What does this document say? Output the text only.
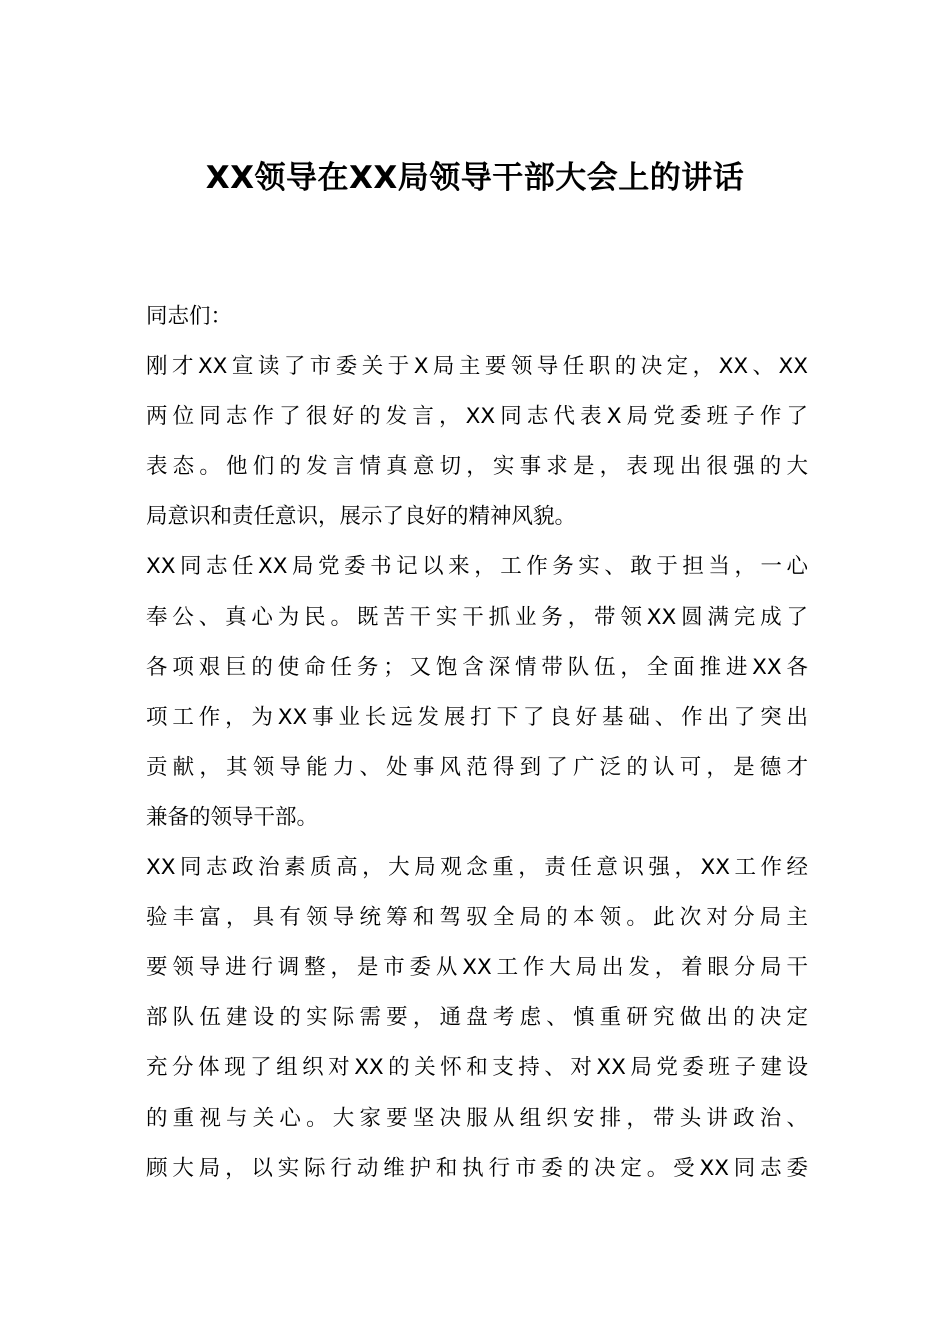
XX领导在XX局领导干部大会上的讲话
同志们：
刚才XX宣读了市委关于X局主要领导任职的决定，XX、XX
两位同志作了很好的发言，XX同志代表X局党委班子作了
表态。他们的发言情真意切，实事求是，表现出很强的大
局意识和责任意识，展示了良好的精神风貌。
XX同志任XX局党委书记以来，工作务实、敢于担当，一心
奉公、真心为民。既苦干实干抓业务，带领XX圆满完成了
各项艰巨的使命任务；又饱含深情带队伍，全面推进XX各
项工作，为XX事业长远发展打下了良好基础、作出了突出
贡献，其领导能力、处事风范得到了广泛的认可，是德才
兼备的领导干部。
XX同志政治素质高，大局观念重，责任意识强，XX工作经
验丰富，具有领导统筹和驾驭全局的本领。此次对分局主
要领导进行调整，是市委从XX工作大局出发，着眼分局干
部队伍建设的实际需要，通盘考虑、慎重研究做出的决定
充分体现了组织对XX的关怀和支持、对XX局党委班子建设
的重视与关心。大家要坚决服从组织安排，带头讲政治、
顾大局，以实际行动维护和执行市委的决定。受XX同志委
